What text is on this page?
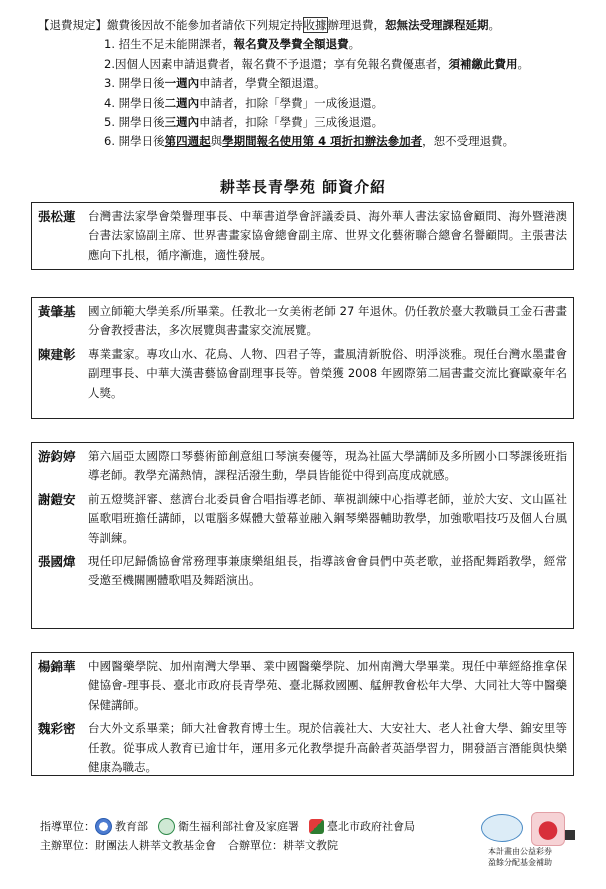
【退費規定】繳費後因故不能參加者請依下列規定持收據辦理退費，恕無法受理課程延期。
1. 招生不足未能開課者，報名費及學費全額退費。
2.因個人因素申請退費者，報名費不予退還；享有免報名費優惠者，須補繳此費用。
3. 開學日後一週內申請者，學費全額退還。
4. 開學日後二週內申請者，扣除「學費」一成後退還。
5. 開學日後三週內申請者，扣除「學費」三成後退還。
6. 開學日後第四週起與學期間報名使用第 4 項折扣辦法參加者，恕不受理退費。
耕莘長青學苑 師資介紹
張松蓮	台灣書法家學會榮譽理事長、中華書道學會評議委員、海外華人書法家協會顧問、海外暨港澳台書法家協副主席、世界書畫家協會總會副主席、世界文化藝術聯合總會名譽顧問。主張書法應向下扎根，循序漸進，適性發展。
黃肇基	國立師範大學美系/所畢業。任教北一女美術老師 27 年退休。仍任教於臺大教職員工金石書畫分會教授書法，多次展覽與書畫家交流展覽。
陳建彰	專業畫家。專攻山水、花鳥、人物、四君子等，畫風清新脫俗、明淨淡雅。現任台灣水墨畫會副理事長、中華大漢書藝協會副理事長等。曾榮獲 2008 年國際第二屆書畫交流比賽歐豪年名人獎。
游鈞婷	第六屆亞太國際口琴藝術節創意組口琴演奏優等，現為社區大學講師及多所國小口琴課後班指導老師。教學充滿熱情，課程活潑生動，學員皆能從中得到高度成就感。
謝鎧安	前五燈獎評審、慈濟台北委員會合唱指導老師、華視訓練中心指導老師，並於大安、文山區社區歌唱班擔任講師，以電腦多媒體大螢幕並融入鋼琴樂器輔助教學，加強歌唱技巧及個人台風等訓練。
張國煒	現任印尼歸僑協會常務理事兼康樂組組長，指導該會會員們中英老歌，並搭配舞蹈教學，經常受邀至機關團體歌唱及舞蹈演出。
楊錦華	中國醫藥學院、加州南灣大學畢、業中國醫藥學院、加州南灣大學畢業。現任中華經絡推拿保健協會-理事長、臺北市政府長青學苑、臺北縣救國團、艋舺教會松年大學、大同社大等中醫藥保健講師。
魏彩密	台大外文系畢業；師大社會教育博士生。現於信義社大、大安社大、老人社會大學、錦安里等任教。從事成人教育已逾廿年，運用多元化教學提升高齡者英語學習力，開發語言潛能與快樂健康為職志。
指導單位： 教育部	衛生福利部社會及家庭署	臺北市政府社會局
主辦單位： 財團法人耕莘文教基金會 合辦單位： 耕莘文教院	本計畫由公益彩券
盈餘分配基金補助
